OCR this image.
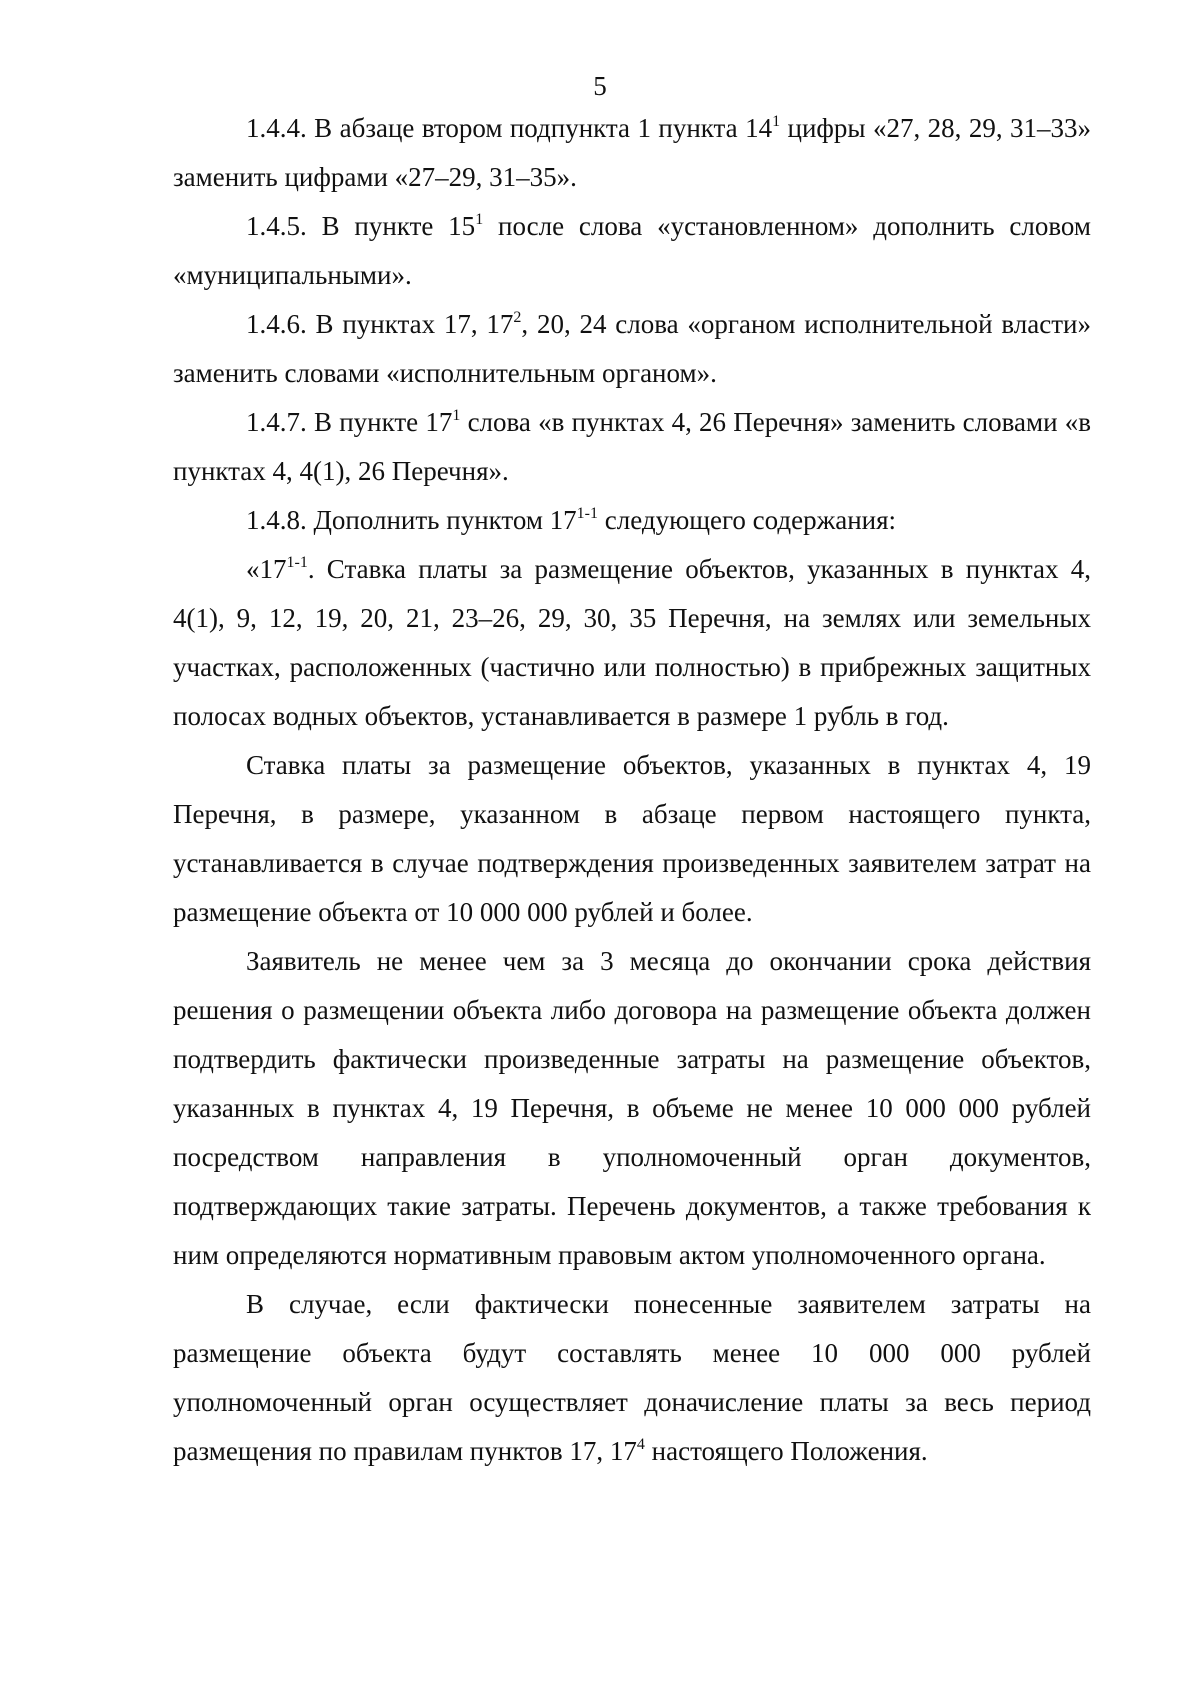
5

1.4.4. В абзаце втором подпункта 1 пункта $14^1$ цифры «27, 28, 29, 31–33» заменить цифрами «27–29, 31–35».

1.4.5. В пункте $15^1$ после слова «установленном» дополнить словом «муниципальными».

1.4.6. В пунктах 17, $17^2$, 20, 24 слова «органом исполнительной власти» заменить словами «исполнительным органом».

1.4.7. В пункте $17^1$ слова «в пунктах 4, 26 Перечня» заменить словами «в пунктах 4, 4(1), 26 Перечня».

1.4.8. Дополнить пунктом 17$^{1-1}$ следующего содержания:

«17$^{1-1}$. Ставка платы за размещение объектов, указанных в пунктах 4, 4(1), 9, 12, 19, 20, 21, 23–26, 29, 30, 35 Перечня, на землях или земельных участках, расположенных (частично или полностью) в прибрежных защитных полосах водных объектов, устанавливается в размере 1 рубль в год.

Ставка платы за размещение объектов, указанных в пунктах 4, 19 Перечня, в размере, указанном в абзаце первом настоящего пункта, устанавливается в случае подтверждения произведенных заявителем затрат на размещение объекта от 10 000 000 рублей и более.

Заявитель не менее чем за 3 месяца до окончании срока действия решения о размещении объекта либо договора на размещение объекта должен подтвердить фактически произведенные затраты на размещение объектов, указанных в пунктах 4, 19 Перечня, в объеме не менее 10 000 000 рублей посредством направления в уполномоченный орган документов, подтверждающих такие затраты. Перечень документов, а также требования к ним определяются нормативным правовым актом уполномоченного органа.

В случае, если фактически понесенные заявителем затраты на размещение объекта будут составлять менее 10 000 000 рублей уполномоченный орган осуществляет доначисление платы за весь период размещения по правилам пунктов 17, $17^4$ настоящего Положения.
